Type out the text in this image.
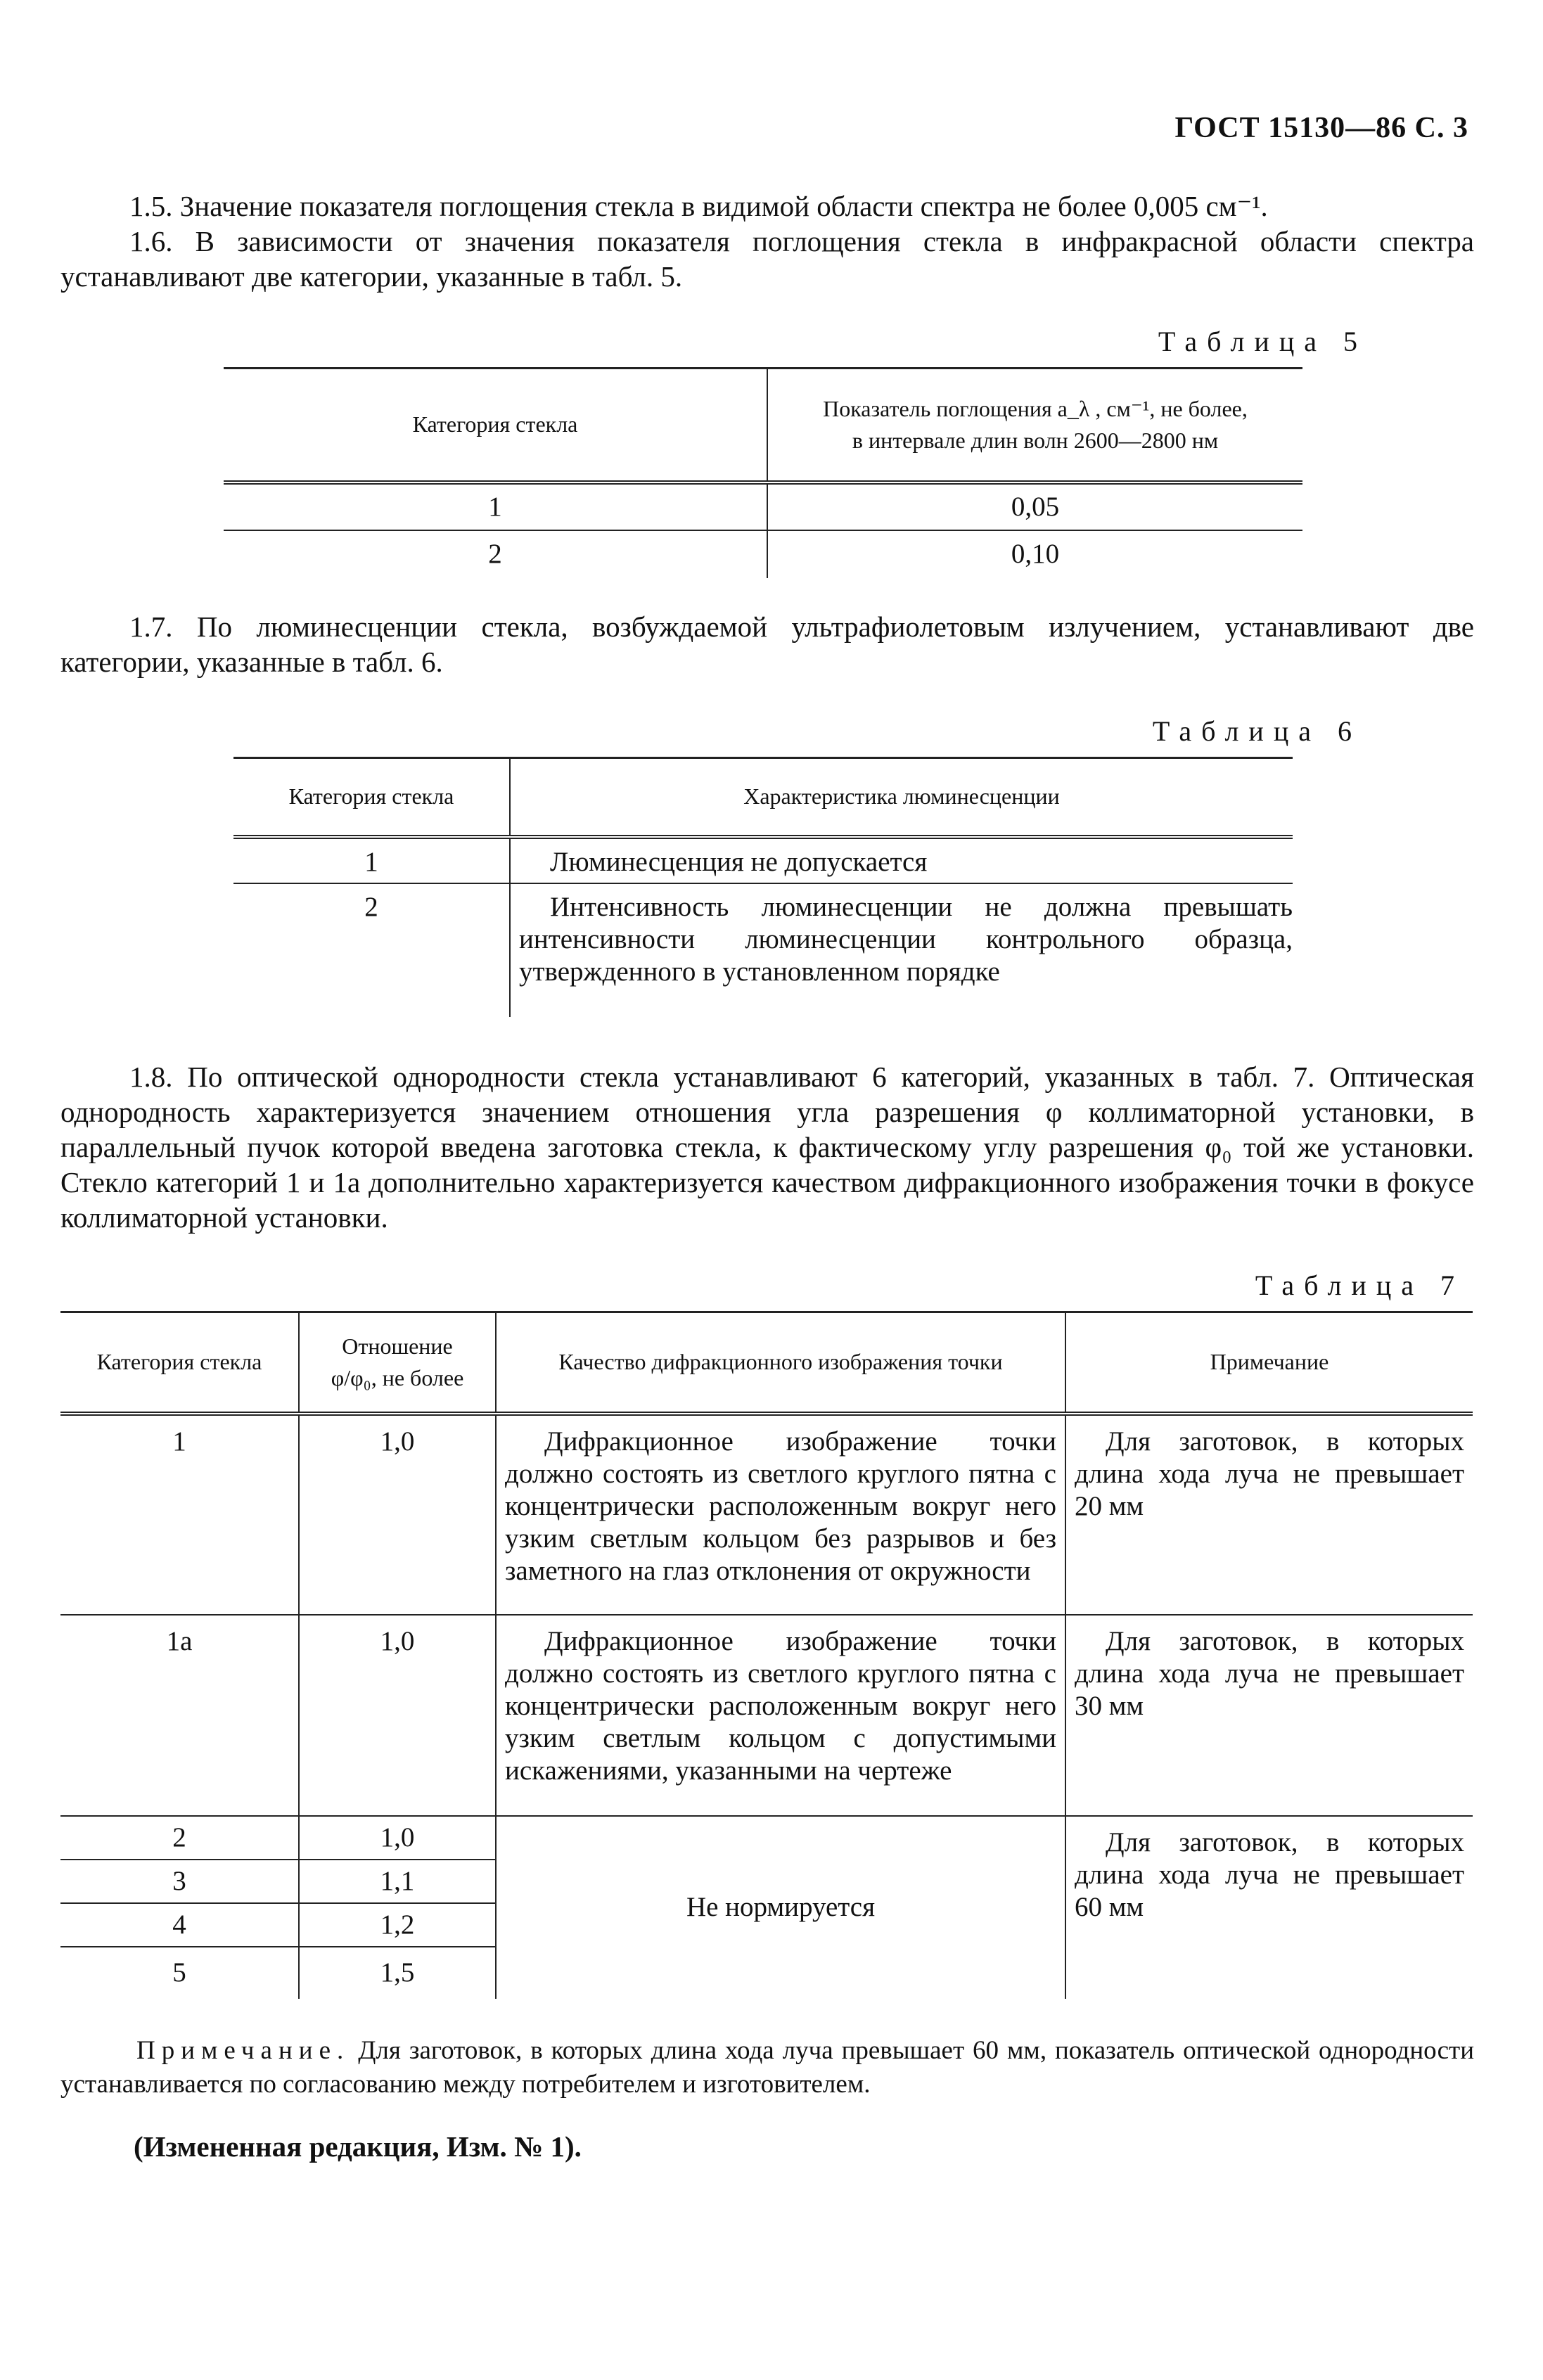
ГОСТ 15130—86 С. 3

1.5. Значение показателя поглощения стекла в видимой области спектра не более 0,005 см⁻¹.

1.6. В зависимости от значения показателя поглощения стекла в инфракрасной области спектра устанавливают две категории, указанные в табл. 5.

Таблица 5
Категория стекла	Показатель поглощения a_λ , см⁻¹, не более,
в интервале длин волн 2600—2800 нм

1	0,05
2	0,10

1.7. По люминесценции стекла, возбуждаемой ультрафиолетовым излучением, устанавливают две категории, указанные в табл. 6.

Таблица 6
Категория стекла	Характеристика люминесценции
1	Люминесценция не допускается
2	Интенсивность люминесценции не должна превышать интенсивности люминесценции контрольного образца, утвержденного в установленном порядке

1.8. По оптической однородности стекла устанавливают 6 категорий, указанных в табл. 7. Оптическая однородность характеризуется значением отношения угла разрешения φ коллиматорной установки, в параллельный пучок которой введена заготовка стекла, к фактическому углу разрешения φ₀ той же установки. Стекло категорий 1 и 1а дополнительно характеризуется качеством дифракционного изображения точки в фокусе коллиматорной установки.

Таблица 7
Категория стекла	Отношение
φ/φ₀, не более	Качество дифракционного изображения точки	Примечание
1	1,0	Дифракционное изображение точки должно состоять из светлого круглого пятна с концентрически расположенным вокруг него узким светлым кольцом без разрывов и без заметного на глаз отклонения от окружности	Для заготовок, в которых длина хода луча не превышает 20 мм
1а	1,0	Дифракционное изображение точки должно состоять из светлого круглого пятна с концентрически расположенным вокруг него узким светлым кольцом с допустимыми искажениями, указанными на чертеже	Для заготовок, в которых длина хода луча не превышает 30 мм
2	1,0	Не нормируется	Для заготовок, в которых длина хода луча не превышает 60 мм
3	1,1		
4	1,2		
5	1,5		

Примечание. Для заготовок, в которых длина хода луча превышает 60 мм, показатель оптической однородности устанавливается по согласованию между потребителем и изготовителем.

(Измененная редакция, Изм. № 1).
